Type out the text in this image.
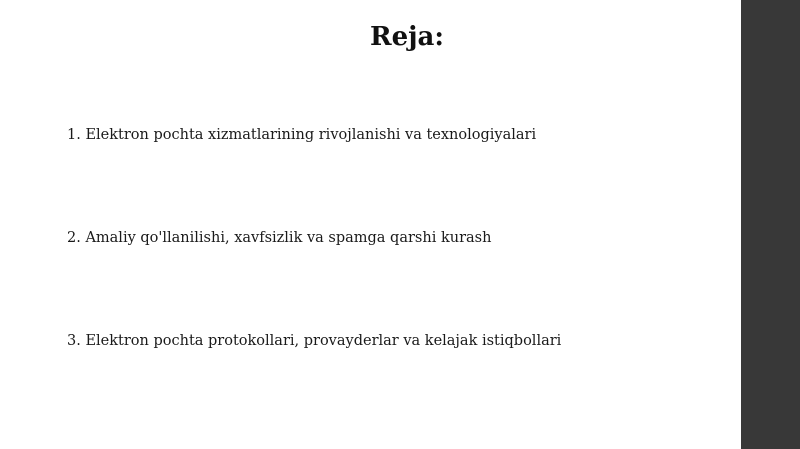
Reja:
1. Elektron pochta xizmatlarining rivojlanishi va texnologiyalari
2. Amaliy qo'llanilishi, xavfsizlik va spamga qarshi kurash
3. Elektron pochta protokollari, provayderlar va kelajak istiqbollari
